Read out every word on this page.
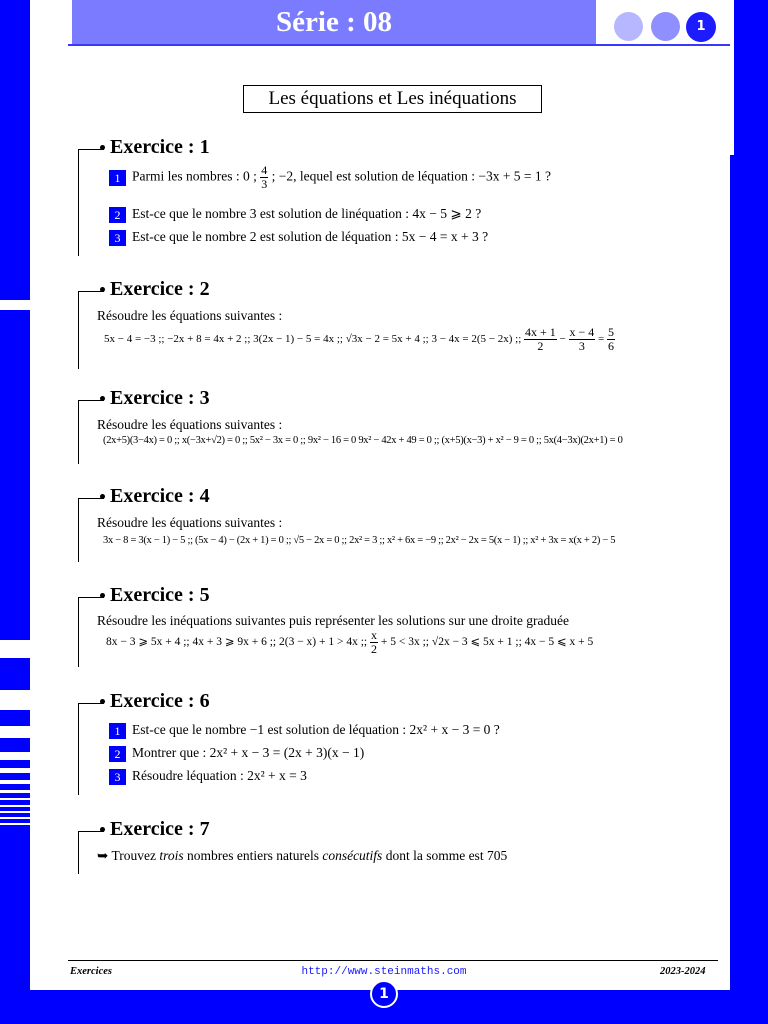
Série : 08	1
Les équations et Les inéquations
Exercice : 1
1 Parmi les nombres : 0 ; $\frac{4}{3}$ ; −2, lequel est solution de léquation : −3x + 5 = 1 ?
2 Est-ce que le nombre 3 est solution de linéquation : 4x − 5 ⩾ 2 ?
3 Est-ce que le nombre 2 est solution de léquation : 5x − 4 = x + 3 ?
Exercice : 2
Résoudre les équations suivantes :
5x − 4 = −3 ;; −2x + 8 = 4x + 2 ;; 3(2x − 1) − 5 = 4x ;; √3x − 2 = 5x + 4 ;; 3 − 4x = 2(5 − 2x) ;; $\frac{4x + 1}{2} - \frac{x - 4}{3} = \frac{5}{6}$
Exercice : 3
Résoudre les équations suivantes :
(2x+5)(3−4x) = 0 ;; x(−3x+√2) = 0 ;; 5x² − 3x = 0 ;; 9x² − 16 = 0 9x² − 42x + 49 = 0 ;; (x+5)(x−3) + x² − 9 = 0 ;; 5x(4−3x)(2x+1) = 0
Exercice : 4
Résoudre les équations suivantes :
3x − 8 = 3(x − 1) − 5 ;; (5x − 4) − (2x + 1) = 0 ;; √5 − 2x = 0 ;; 2x² = 3 ;; x² + 6x = −9 ;; 2x² − 2x = 5(x − 1) ;; x² + 3x = x(x + 2) − 5
Exercice : 5
Résoudre les inéquations suivantes puis représenter les solutions sur une droite graduée
8x − 3 ⩾ 5x + 4 ;; 4x + 3 ⩾ 9x + 6 ;; 2(3 − x) + 1 > 4x ;; $\frac{x}{2} + 5 < 3x$ ;; √2x − 3 ⩽ 5x + 1 ;; 4x − 5 ⩽ x + 5
Exercice : 6
1 Est-ce que le nombre −1 est solution de léquation : 2x² + x − 3 = 0 ?
2 Montrer que : 2x² + x − 3 = (2x + 3)(x − 1)
3 Résoudre léquation : 2x² + x = 3
Exercice : 7
➥ Trouvez trois nombres entiers naturels consécutifs dont la somme est 705
Exercices	http://www.steinmaths.com	2023-2024
1
